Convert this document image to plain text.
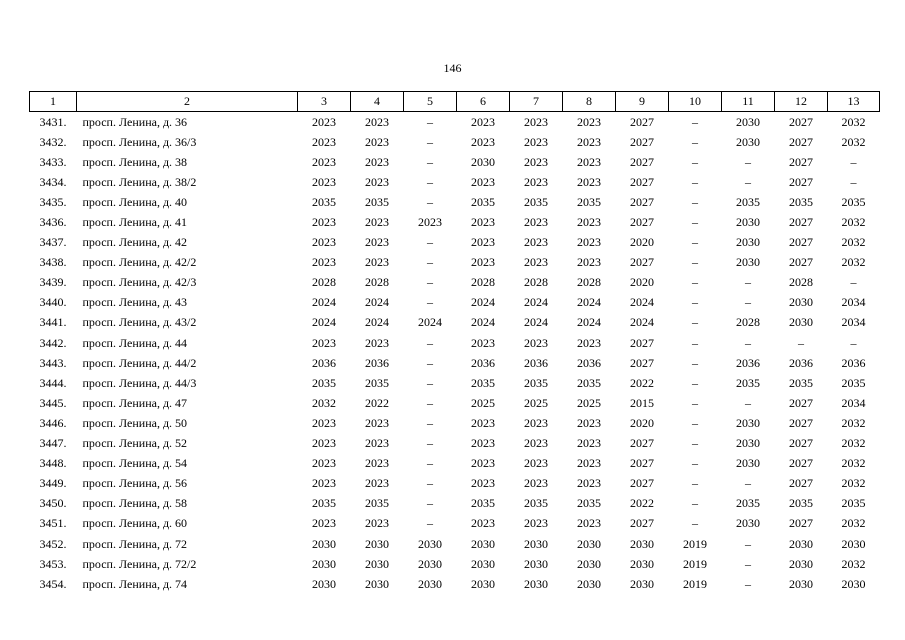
146
1	2	3	4	5	6	7	8	9	10	11	12	13
3431.	просп. Ленина, д. 36	2023	2023	–	2023	2023	2023	2027	–	2030	2027	2032
3432.	просп. Ленина, д. 36/3	2023	2023	–	2023	2023	2023	2027	–	2030	2027	2032
3433.	просп. Ленина, д. 38	2023	2023	–	2030	2023	2023	2027	–	–	2027	–
3434.	просп. Ленина, д. 38/2	2023	2023	–	2023	2023	2023	2027	–	–	2027	–
3435.	просп. Ленина, д. 40	2035	2035	–	2035	2035	2035	2027	–	2035	2035	2035
3436.	просп. Ленина, д. 41	2023	2023	2023	2023	2023	2023	2027	–	2030	2027	2032
3437.	просп. Ленина, д. 42	2023	2023	–	2023	2023	2023	2020	–	2030	2027	2032
3438.	просп. Ленина, д. 42/2	2023	2023	–	2023	2023	2023	2027	–	2030	2027	2032
3439.	просп. Ленина, д. 42/3	2028	2028	–	2028	2028	2028	2020	–	–	2028	–
3440.	просп. Ленина, д. 43	2024	2024	–	2024	2024	2024	2024	–	–	2030	2034
3441.	просп. Ленина, д. 43/2	2024	2024	2024	2024	2024	2024	2024	–	2028	2030	2034
3442.	просп. Ленина, д. 44	2023	2023	–	2023	2023	2023	2027	–	–	–	–
3443.	просп. Ленина, д. 44/2	2036	2036	–	2036	2036	2036	2027	–	2036	2036	2036
3444.	просп. Ленина, д. 44/3	2035	2035	–	2035	2035	2035	2022	–	2035	2035	2035
3445.	просп. Ленина, д. 47	2032	2022	–	2025	2025	2025	2015	–	–	2027	2034
3446.	просп. Ленина, д. 50	2023	2023	–	2023	2023	2023	2020	–	2030	2027	2032
3447.	просп. Ленина, д. 52	2023	2023	–	2023	2023	2023	2027	–	2030	2027	2032
3448.	просп. Ленина, д. 54	2023	2023	–	2023	2023	2023	2027	–	2030	2027	2032
3449.	просп. Ленина, д. 56	2023	2023	–	2023	2023	2023	2027	–	–	2027	2032
3450.	просп. Ленина, д. 58	2035	2035	–	2035	2035	2035	2022	–	2035	2035	2035
3451.	просп. Ленина, д. 60	2023	2023	–	2023	2023	2023	2027	–	2030	2027	2032
3452.	просп. Ленина, д. 72	2030	2030	2030	2030	2030	2030	2030	2019	–	2030	2030
3453.	просп. Ленина, д. 72/2	2030	2030	2030	2030	2030	2030	2030	2019	–	2030	2032
3454.	просп. Ленина, д. 74	2030	2030	2030	2030	2030	2030	2030	2019	–	2030	2030
